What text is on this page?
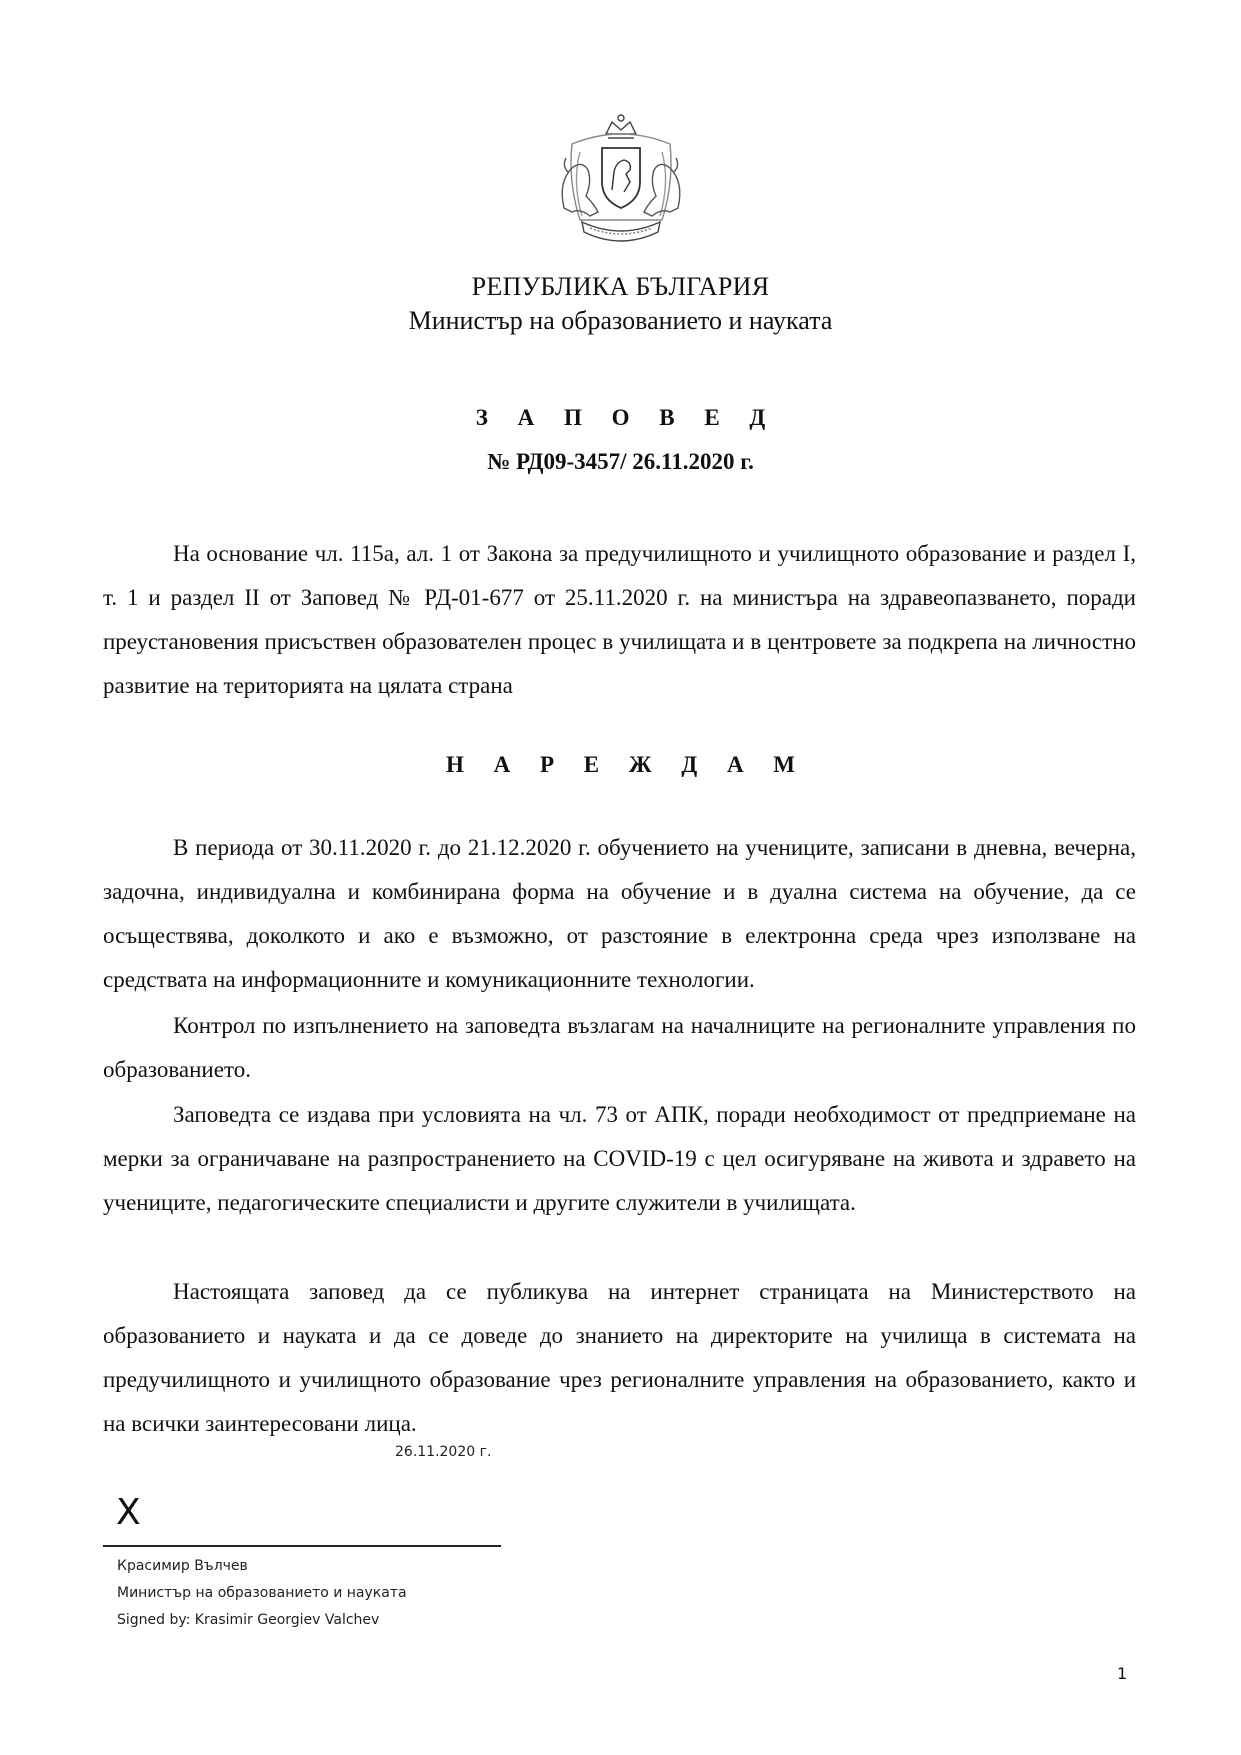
РЕПУБЛИКА БЪЛГАРИЯ
Министър на образованието и науката
З А П О В Е Д
№ РД09-3457/ 26.11.2020 г.

На основание чл. 115а, ал. 1 от Закона за предучилищното и училищното образование и раздел I, т. 1 и раздел II от Заповед № РД-01-677 от 25.11.2020 г. на министъра на здравеопазването, поради преустановения присъствен образователен процес в училищата и в центровете за подкрепа на личностно развитие на територията на цялата страна

Н А Р Е Ж Д А М

В периода от 30.11.2020 г. до 21.12.2020 г. обучението на учениците, записани в дневна, вечерна, задочна, индивидуална и комбинирана форма на обучение и в дуална система на обучение, да се осъществява, доколкото и ако е възможно, от разстояние в електронна среда чрез използване на средствата на информационните и комуникационните технологии.

Контрол по изпълнението на заповедта възлагам на началниците на регионалните управления по образованието.

Заповедта се издава при условията на чл. 73 от АПК, поради необходимост от предприемане на мерки за ограничаване на разпространението на COVID-19 с цел осигуряване на живота и здравето на учениците, педагогическите специалисти и другите служители в училищата.

Настоящата заповед да се публикува на интернет страницата на Министерството на образованието и науката и да се доведе до знанието на директорите на училища в системата на предучилищното и училищното образование чрез регионалните управления на образованието, както и на всички заинтересовани лица.

26.11.2020 г.
X
Красимир Вълчев
Министър на образованието и науката
Signed by: Krasimir Georgiev Valchev
1
